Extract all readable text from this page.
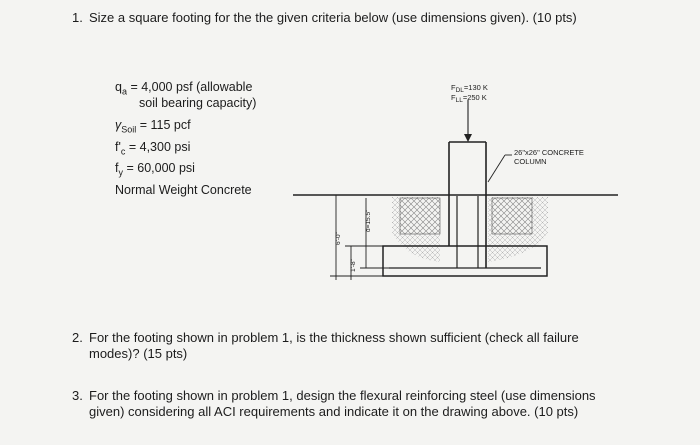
1. Size a square footing for the the given criteria below (use dimensions given). (10 pts)
$q_a = 4,000$ psf (allowable
soil bearing capacity)
$\gamma_{Soil} = 115$ pcf
$f'_c = 4,300$ psi
$f_y = 60,000$ psi
Normal Weight Concrete
FDL=130 K
FLL=250 K
26"x26" CONCRETE
COLUMN
6'-0"
1'-8"
d=15.5"
2. For the footing shown in problem 1, is the thickness shown sufficient (check all failure modes)? (15 pts)
3. For the footing shown in problem 1, design the flexural reinforcing steel (use dimensions given) considering all ACI requirements and indicate it on the drawing above. (10 pts)
